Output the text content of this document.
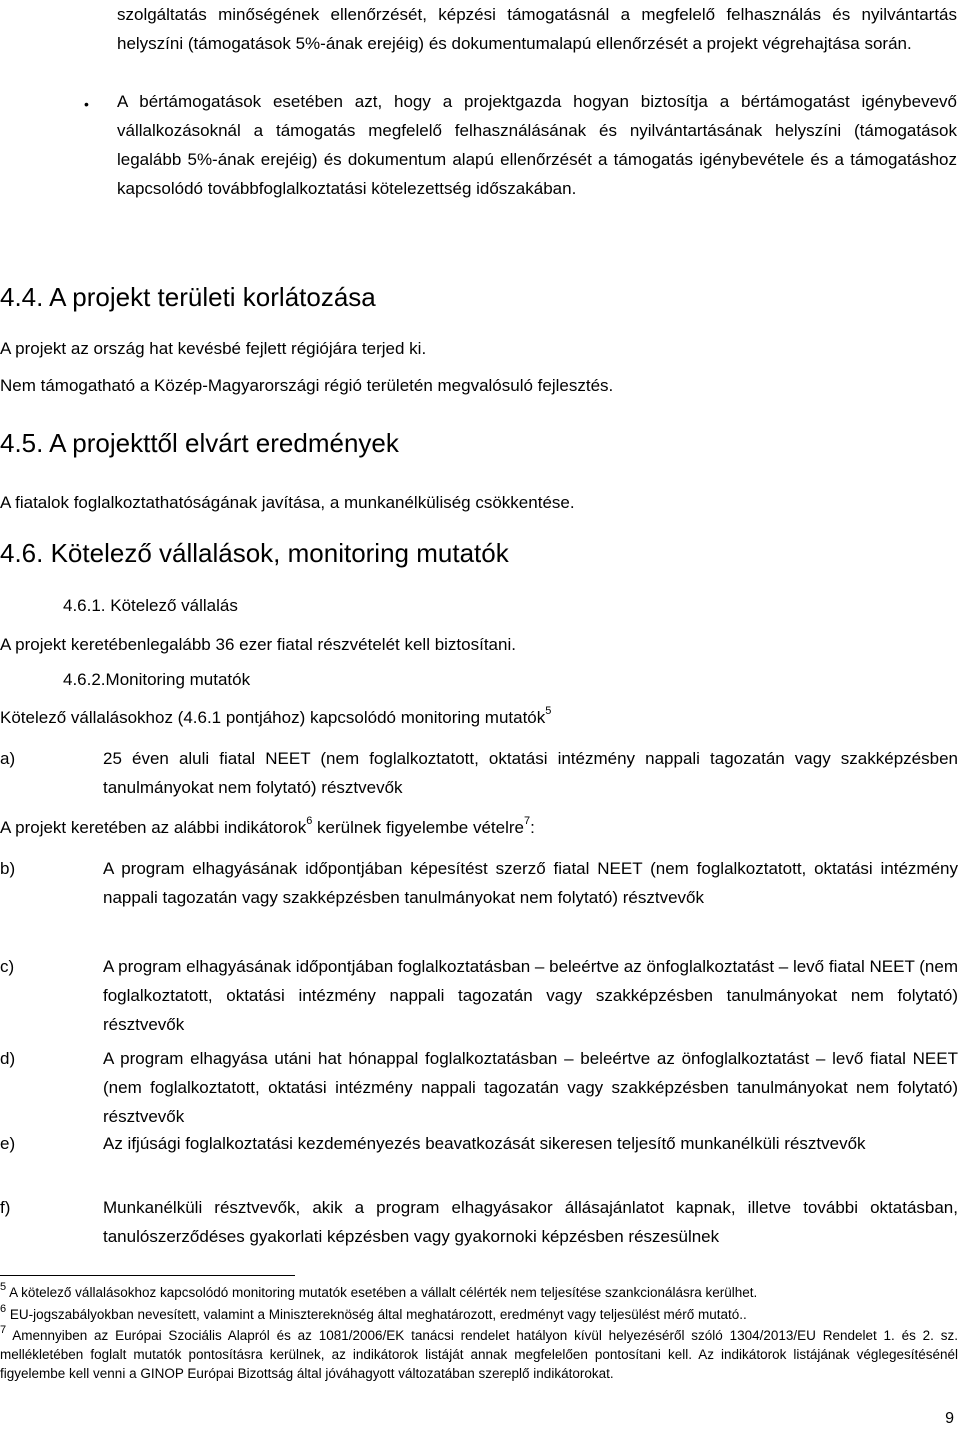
szolgáltatás minőségének ellenőrzését, képzési támogatásnál a megfelelő felhasználás és nyilvántartás helyszíni (támogatások 5%-ának erejéig) és dokumentumalapú ellenőrzését a projekt végrehajtása során.
• A bértámogatások esetében azt, hogy a projektgazda hogyan biztosítja a bértámogatást igénybevevő vállalkozásoknál a támogatás megfelelő felhasználásának és nyilvántartásának helyszíni (támogatások legalább 5%-ának erejéig) és dokumentum alapú ellenőrzését a támogatás igénybevétele és a támogatáshoz kapcsolódó továbbfoglalkoztatási kötelezettség időszakában.
4.4. A projekt területi korlátozása
A projekt az ország hat kevésbé fejlett régiójára terjed ki.
Nem támogatható a Közép-Magyarországi régió területén megvalósuló fejlesztés.
4.5. A projekttől elvárt eredmények
A fiatalok foglalkoztathatóságának javítása, a munkanélküliség csökkentése.
4.6. Kötelező vállalások, monitoring mutatók
4.6.1. Kötelező vállalás
A projekt keretébenlegalább 36 ezer fiatal részvételét kell biztosítani.
4.6.2.Monitoring mutatók
Kötelező vállalásokhoz (4.6.1 pontjához) kapcsolódó monitoring mutatók$^5$
a)	25 éven aluli fiatal NEET (nem foglalkoztatott, oktatási intézmény nappali tagozatán vagy szakképzésben tanulmányokat nem folytató) résztvevők
A projekt keretében az alábbi indikátorok$^6$ kerülnek figyelembe vételre$^7$:
b)	A program elhagyásának időpontjában képesítést szerző fiatal NEET (nem foglalkoztatott, oktatási intézmény nappali tagozatán vagy szakképzésben tanulmányokat nem folytató) résztvevők
c)	A program elhagyásának időpontjában foglalkoztatásban – beleértve az önfoglalkoztatást – levő fiatal NEET (nem foglalkoztatott, oktatási intézmény nappali tagozatán vagy szakképzésben tanulmányokat nem folytató) résztvevők
d)	A program elhagyása utáni hat hónappal foglalkoztatásban – beleértve az önfoglalkoztatást – levő fiatal NEET (nem foglalkoztatott, oktatási intézmény nappali tagozatán vagy szakképzésben tanulmányokat nem folytató) résztvevők
e)	Az ifjúsági foglalkoztatási kezdeményezés beavatkozását sikeresen teljesítő munkanélküli résztvevők
f)	Munkanélküli résztvevők, akik a program elhagyásakor állásajánlatot kapnak, illetve további oktatásban, tanulószerződéses gyakorlati képzésben vagy gyakornoki képzésben részesülnek
$^5$ A kötelező vállalásokhoz kapcsolódó monitoring mutatók esetében a vállalt célérték nem teljesítése szankcionálásra kerülhet.
$^6$ EU-jogszabályokban nevesített, valamint a Minisztereknöség által meghatározott, eredményt vagy teljesülést mérő mutató..
$^7$ Amennyiben az Európai Szociális Alapról és az 1081/2006/EK tanácsi rendelet hatályon kívül helyezéséről szóló 1304/2013/EU Rendelet 1. és 2. sz. mellékletében foglalt mutatók pontosításra kerülnek, az indikátorok listáját annak megfelelően pontosítani kell. Az indikátorok listájának véglegesítésénél figyelembe kell venni a GINOP Európai Bizottság által jóváhagyott változatában szereplő indikátorokat.
9
